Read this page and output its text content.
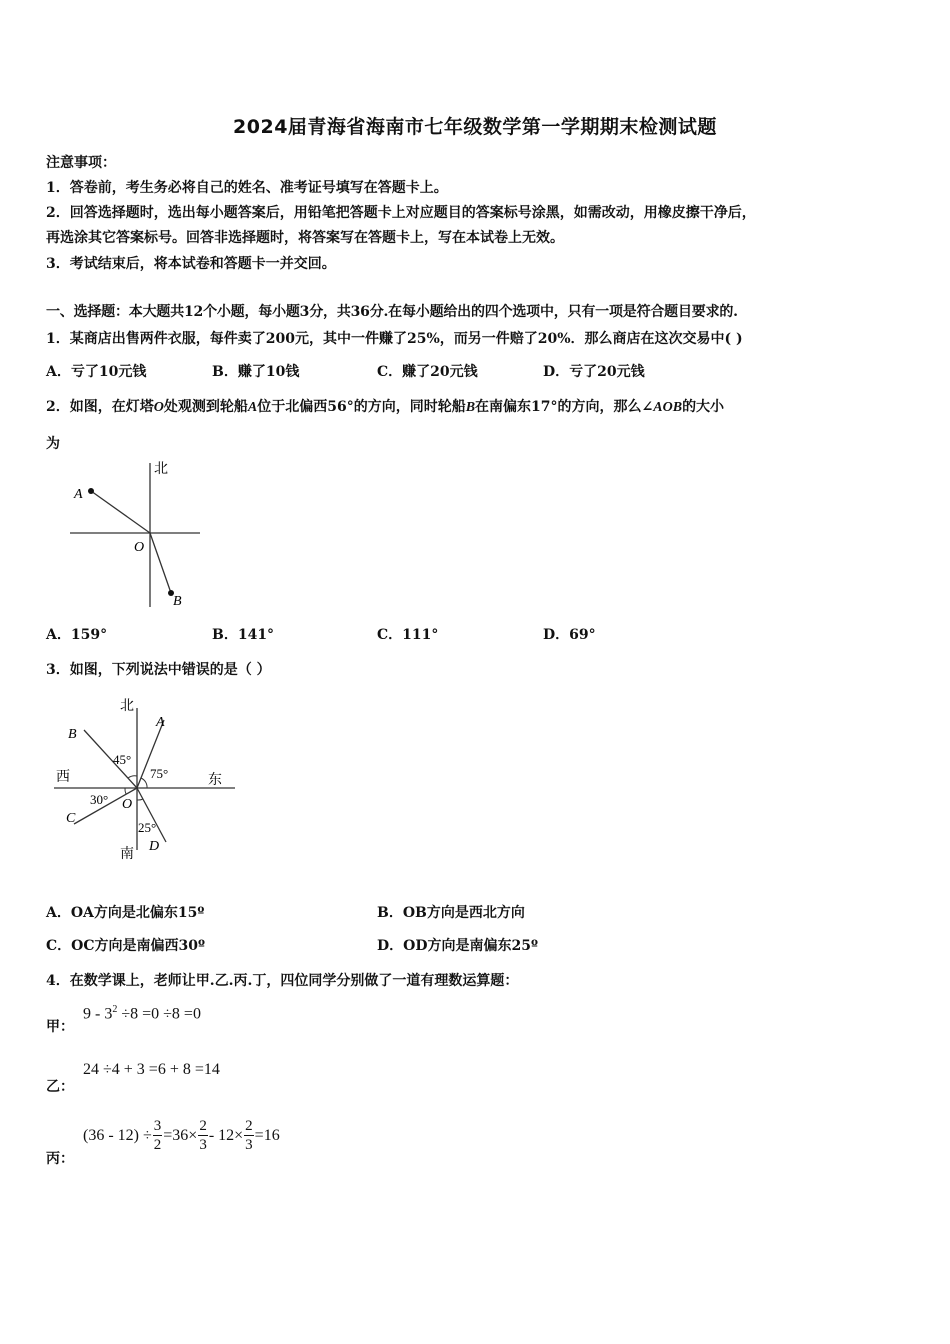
2024届青海省海南市七年级数学第一学期期末检测试题
注意事项：
1．答卷前，考生务必将自己的姓名、准考证号填写在答题卡上。
2．回答选择题时，选出每小题答案后，用铅笔把答题卡上对应题目的答案标号涂黑，如需改动，用橡皮擦干净后，
再选涂其它答案标号。回答非选择题时，将答案写在答题卡上，写在本试卷上无效。
3．考试结束后，将本试卷和答题卡一并交回。
一、选择题：本大题共12个小题，每小题3分，共36分.在每小题给出的四个选项中，只有一项是符合题目要求的.
1．某商店出售两件衣服，每件卖了200元，其中一件赚了25%，而另一件赔了20%．那么商店在这次交易中( )
A．亏了10元钱	B．赚了10钱	C．赚了20元钱	D．亏了20元钱
2．如图，在灯塔O处观测到轮船A位于北偏西56°的方向，同时轮船B在南偏东17°的方向，那么∠AOB的大小
为
北
A
O
B
A．159°	B．141°	C．111°	D．69°
3．如图，下列说法中错误的是（ ）
北
南
西	东
A
B
C
D
O
45°
75°
30°
25°
A．OA方向是北偏东15º	B．OB方向是西北方向
C．OC方向是南偏西30º	D．OD方向是南偏东25º
4．在数学课上，老师让甲.乙.丙.丁，四位同学分别做了一道有理数运算题：
甲：
$9 - 3^2 \div 8 =0 \div 8 =0$
乙：
24 ÷4 + 3 =6 + 8 =14
丙：
$(36 - 12) \div \frac{3}{2} =36\times \frac{2}{3} - 12\times \frac{2}{3} =16$
